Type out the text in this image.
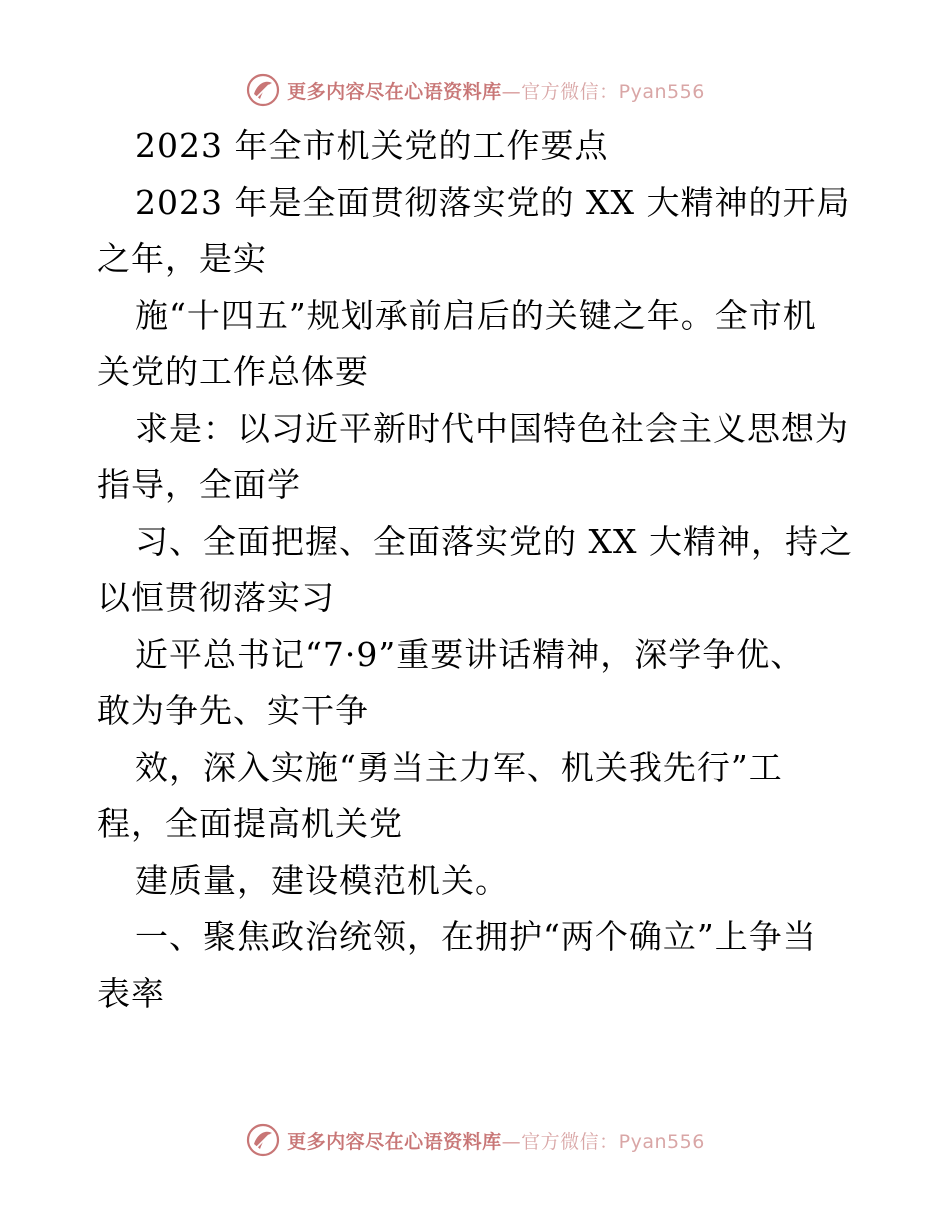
更多内容尽在心语资料库—官方微信：Pyan556
2023 年全市机关党的工作要点
2023 年是全面贯彻落实党的 XX 大精神的开局
之年，是实
施“十四五”规划承前启后的关键之年。全市机
关党的工作总体要
求是：以习近平新时代中国特色社会主义思想为
指导，全面学
习、全面把握、全面落实党的 XX 大精神，持之
以恒贯彻落实习
近平总书记“7·9”重要讲话精神，深学争优、
敢为争先、实干争
效，深入实施“勇当主力军、机关我先行”工
程，全面提高机关党
建质量，建设模范机关。
一、聚焦政治统领，在拥护“两个确立”上争当
表率
更多内容尽在心语资料库—官方微信：Pyan556
